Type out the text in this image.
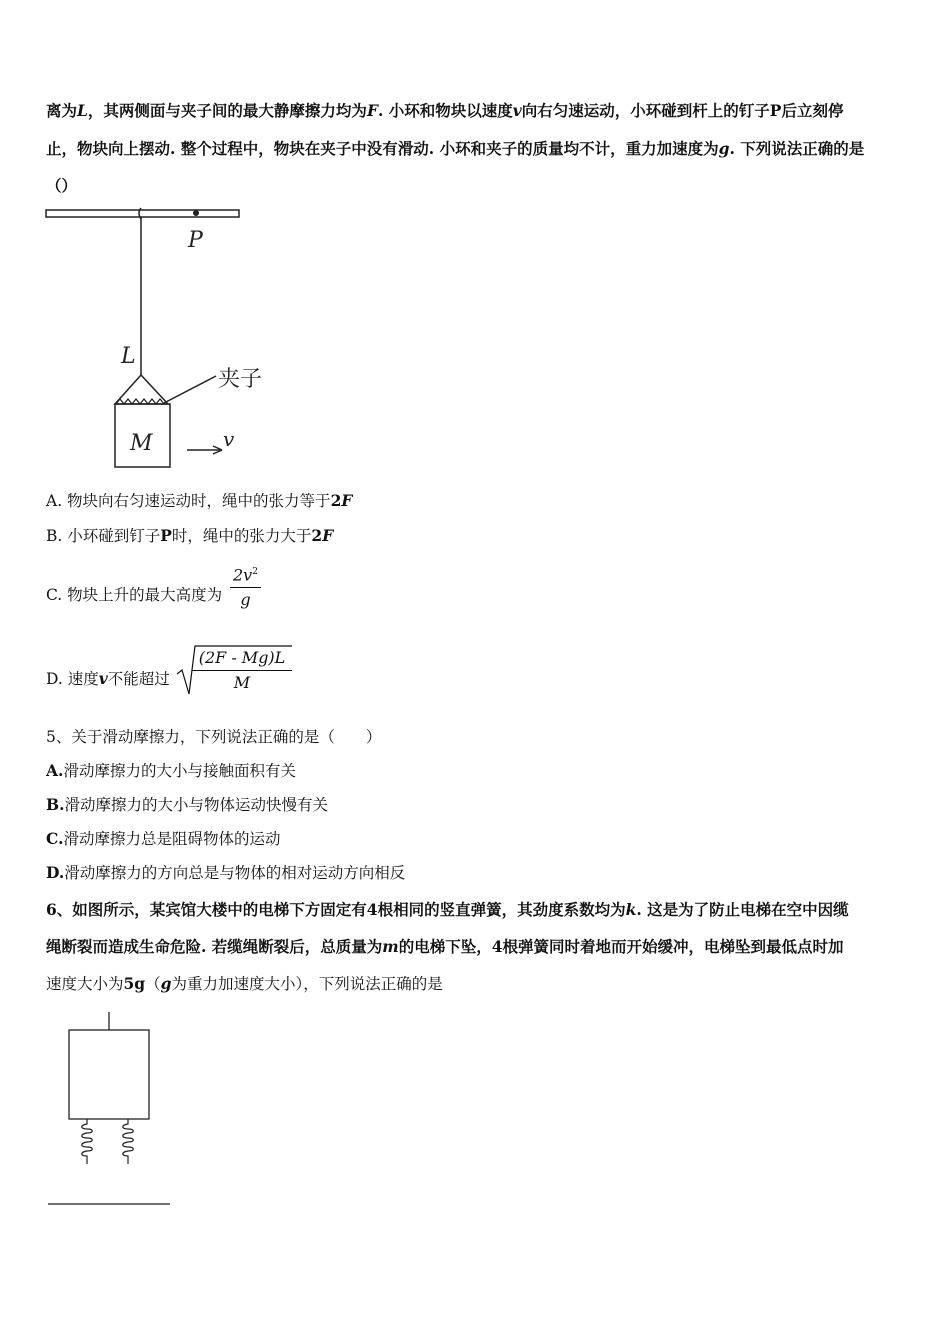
离为L，其两侧面与夹子间的最大静摩擦力均为F. 小环和物块以速度v向右匀速运动，小环碰到杆上的钉子P后立刻停
止，物块向上摆动. 整个过程中，物块在夹子中没有滑动. 小环和夹子的质量均不计，重力加速度为g. 下列说法正确的是
（）
P
L
夹子
M	v
A. 物块向右匀速运动时，绳中的张力等于2F
B. 小环碰到钉子P时，绳中的张力大于2F
C. 物块上升的最大高度为 $\frac{2v^2}{g}$
D. 速度v不能超过 $\frac{(2F - Mg)L}{M}$
5、关于滑动摩擦力，下列说法正确的是（　　）
A.滑动摩擦力的大小与接触面积有关
B.滑动摩擦力的大小与物体运动快慢有关
C.滑动摩擦力总是阻碍物体的运动
D.滑动摩擦力的方向总是与物体的相对运动方向相反
6、如图所示，某宾馆大楼中的电梯下方固定有4根相同的竖直弹簧，其劲度系数均为k. 这是为了防止电梯在空中因缆
绳断裂而造成生命危险. 若缆绳断裂后，总质量为m的电梯下坠，4根弹簧同时着地而开始缓冲，电梯坠到最低点时加
速度大小为5g（g为重力加速度大小），下列说法正确的是
